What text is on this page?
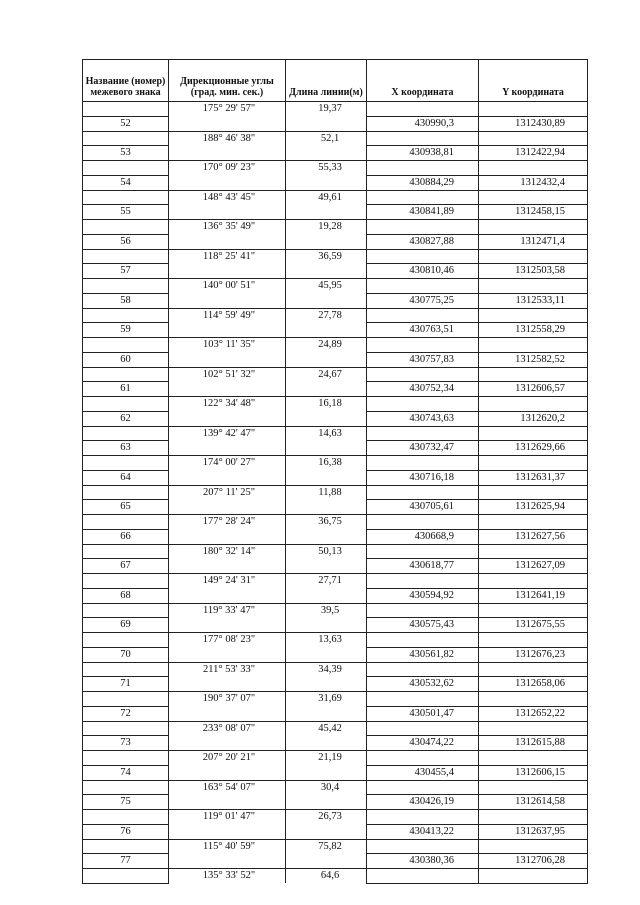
Название (номер) межевого знака	Дирекционные углы (град. мин. сек.)	Длина линии(м)	X координата	Y координата
	175° 29' 57"	19,37		
52			430990,3	1312430,89
	188° 46' 38"	52,1		
53			430938,81	1312422,94
	170° 09' 23"	55,33		
54			430884,29	1312432,4
	148° 43' 45"	49,61		
55			430841,89	1312458,15
	136° 35' 49"	19,28		
56			430827,88	1312471,4
	118° 25' 41"	36,59		
57			430810,46	1312503,58
	140° 00' 51"	45,95		
58			430775,25	1312533,11
	114° 59' 49"	27,78		
59			430763,51	1312558,29
	103° 11' 35"	24,89		
60			430757,83	1312582,52
	102° 51' 32"	24,67		
61			430752,34	1312606,57
	122° 34' 48"	16,18		
62			430743,63	1312620,2
	139° 42' 47"	14,63		
63			430732,47	1312629,66
	174° 00' 27"	16,38		
64			430716,18	1312631,37
	207° 11' 25"	11,88		
65			430705,61	1312625,94
	177° 28' 24"	36,75		
66			430668,9	1312627,56
	180° 32' 14"	50,13		
67			430618,77	1312627,09
	149° 24' 31"	27,71		
68			430594,92	1312641,19
	119° 33' 47"	39,5		
69			430575,43	1312675,55
	177° 08' 23"	13,63		
70			430561,82	1312676,23
	211° 53' 33"	34,39		
71			430532,62	1312658,06
	190° 37' 07"	31,69		
72			430501,47	1312652,22
	233° 08' 07"	45,42		
73			430474,22	1312615,88
	207° 20' 21"	21,19		
74			430455,4	1312606,15
	163° 54' 07"	30,4		
75			430426,19	1312614,58
	119° 01' 47"	26,73		
76			430413,22	1312637,95
	115° 40' 59"	75,82		
77			430380,36	1312706,28
	135° 33' 52"	64,6		
